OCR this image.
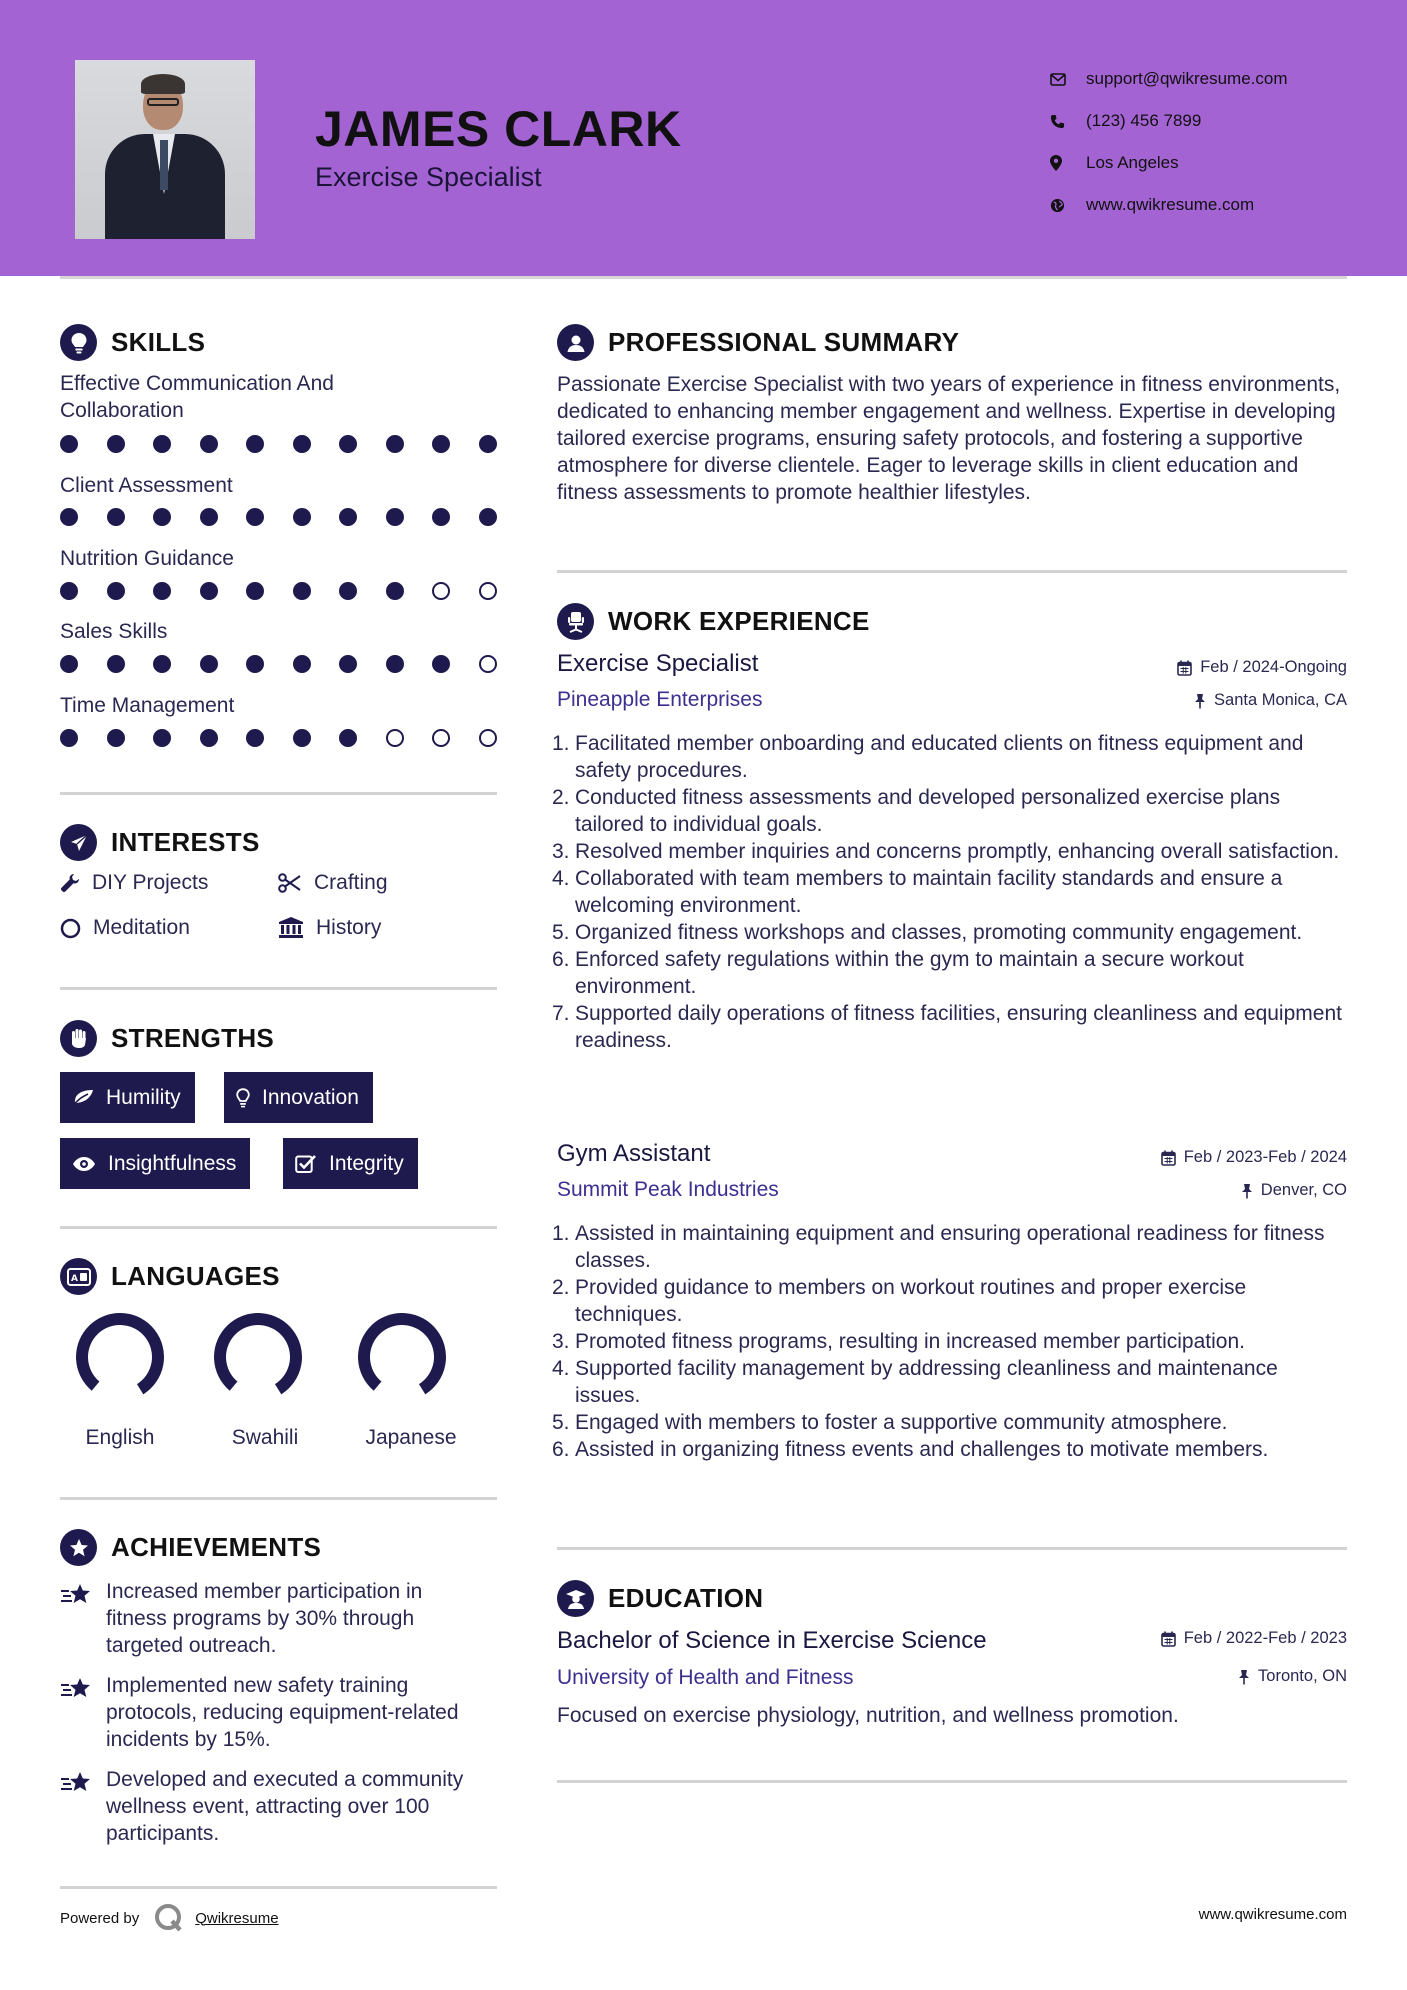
JAMES CLARK
Exercise Specialist
support@qwikresume.com
(123) 456 7899
Los Angeles
www.qwikresume.com
SKILLS
Effective Communication And Collaboration
Client Assessment
Nutrition Guidance
Sales Skills
Time Management
INTERESTS
DIY Projects	Crafting
Meditation	History
STRENGTHS
Humility	Innovation
Insightfulness	Integrity
A LANGUAGES
English	Swahili	Japanese
ACHIEVEMENTS
Increased member participation in fitness programs by 30% through targeted outreach.
Implemented new safety training protocols, reducing equipment-related incidents by 15%.
Developed and executed a community wellness event, attracting over 100 participants.
PROFESSIONAL SUMMARY
Passionate Exercise Specialist with two years of experience in fitness environments, dedicated to enhancing member engagement and wellness. Expertise in developing tailored exercise programs, ensuring safety protocols, and fostering a supportive atmosphere for diverse clientele. Eager to leverage skills in client education and fitness assessments to promote healthier lifestyles.
WORK EXPERIENCE
Exercise Specialist	Feb / 2024-Ongoing
Pineapple Enterprises	Santa Monica, CA
1. Facilitated member onboarding and educated clients on fitness equipment and safety procedures.
2. Conducted fitness assessments and developed personalized exercise plans tailored to individual goals.
3. Resolved member inquiries and concerns promptly, enhancing overall satisfaction.
4. Collaborated with team members to maintain facility standards and ensure a welcoming environment.
5. Organized fitness workshops and classes, promoting community engagement.
6. Enforced safety regulations within the gym to maintain a secure workout environment.
7. Supported daily operations of fitness facilities, ensuring cleanliness and equipment readiness.
Gym Assistant	Feb / 2023-Feb / 2024
Summit Peak Industries	Denver, CO
1. Assisted in maintaining equipment and ensuring operational readiness for fitness classes.
2. Provided guidance to members on workout routines and proper exercise techniques.
3. Promoted fitness programs, resulting in increased member participation.
4. Supported facility management by addressing cleanliness and maintenance issues.
5. Engaged with members to foster a supportive community atmosphere.
6. Assisted in organizing fitness events and challenges to motivate members.
EDUCATION
Bachelor of Science in Exercise Science	Feb / 2022-Feb / 2023
University of Health and Fitness	Toronto, ON
Focused on exercise physiology, nutrition, and wellness promotion.
Powered by	Qwikresume	www.qwikresume.com
